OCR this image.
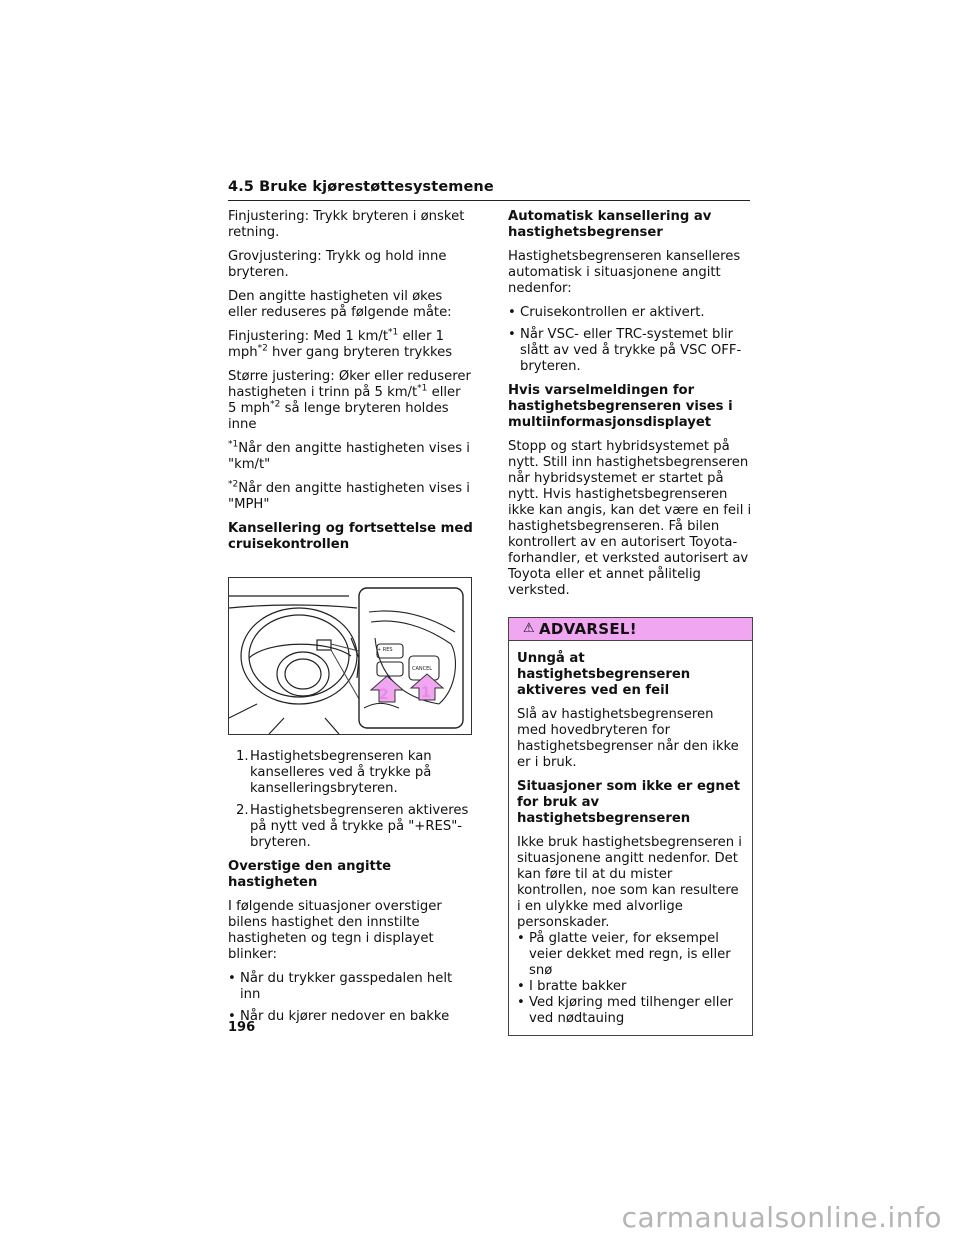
4.5 Bruke kjørestøttesystemene

Finjustering: Trykk bryteren i ønsket retning.

Grovjustering: Trykk og hold inne bryteren.

Den angitte hastigheten vil økes eller reduseres på følgende måte:

Finjustering: Med 1 $km/t^{*1}$ eller 1 mph$^{*2}$ hver gang bryteren trykkes

Større justering: Øker eller reduserer hastigheten i trinn på 5 $km/t^{*1}$ eller 5 mph$^{*2}$ så lenge bryteren holdes inne

$^{*1}$Når den angitte hastigheten vises i "km/t"

$^{*2}$Når den angitte hastigheten vises i "MPH"

Kansellering og fortsettelse med cruisekontrollen
+ RES
CANCEL
2 1
1. Hastighetsbegrenseren kan kanselleres ved å trykke på kanselleringsbryteren.
2. Hastighetsbegrenseren aktiveres på nytt ved å trykke på "+RES"-bryteren.
Overstige den angitte hastigheten

I følgende situasjoner overstiger bilens hastighet den innstilte hastigheten og tegn i displayet blinker:

• Når du trykker gasspedalen helt inn
• Når du kjører nedover en bakke
Automatisk kansellering av hastighetsbegrenser

Hastighetsbegrenseren kanselleres automatisk i situasjonene angitt nedenfor:

• Cruisekontrollen er aktivert.
• Når VSC- eller TRC-systemet blir slått av ved å trykke på VSC OFF-bryteren.
Hvis varselmeldingen for hastighetsbegrenseren vises i multiinformasjonsdisplayet

Stopp og start hybridsystemet på nytt. Still inn hastighetsbegrenseren når hybridsystemet er startet på nytt. Hvis hastighetsbegrenseren ikke kan angis, kan det være en feil i hastighetsbegrenseren. Få bilen kontrollert av en autorisert Toyota-forhandler, et verksted autorisert av Toyota eller et annet pålitelig verksted.

⚠ ADVARSEL!
Unngå at hastighetsbegrenseren aktiveres ved en feil

Slå av hastighetsbegrenseren med hovedbryteren for hastighetsbegrenser når den ikke er i bruk.

Situasjoner som ikke er egnet for bruk av hastighetsbegrenseren

Ikke bruk hastighetsbegrenseren i situasjonene angitt nedenfor. Det kan føre til at du mister kontrollen, noe som kan resultere i en ulykke med alvorlige personskader.

• På glatte veier, for eksempel veier dekket med regn, is eller snø
• I bratte bakker
• Ved kjøring med tilhenger eller ved nødtauing
196
carmanualsonline.info
